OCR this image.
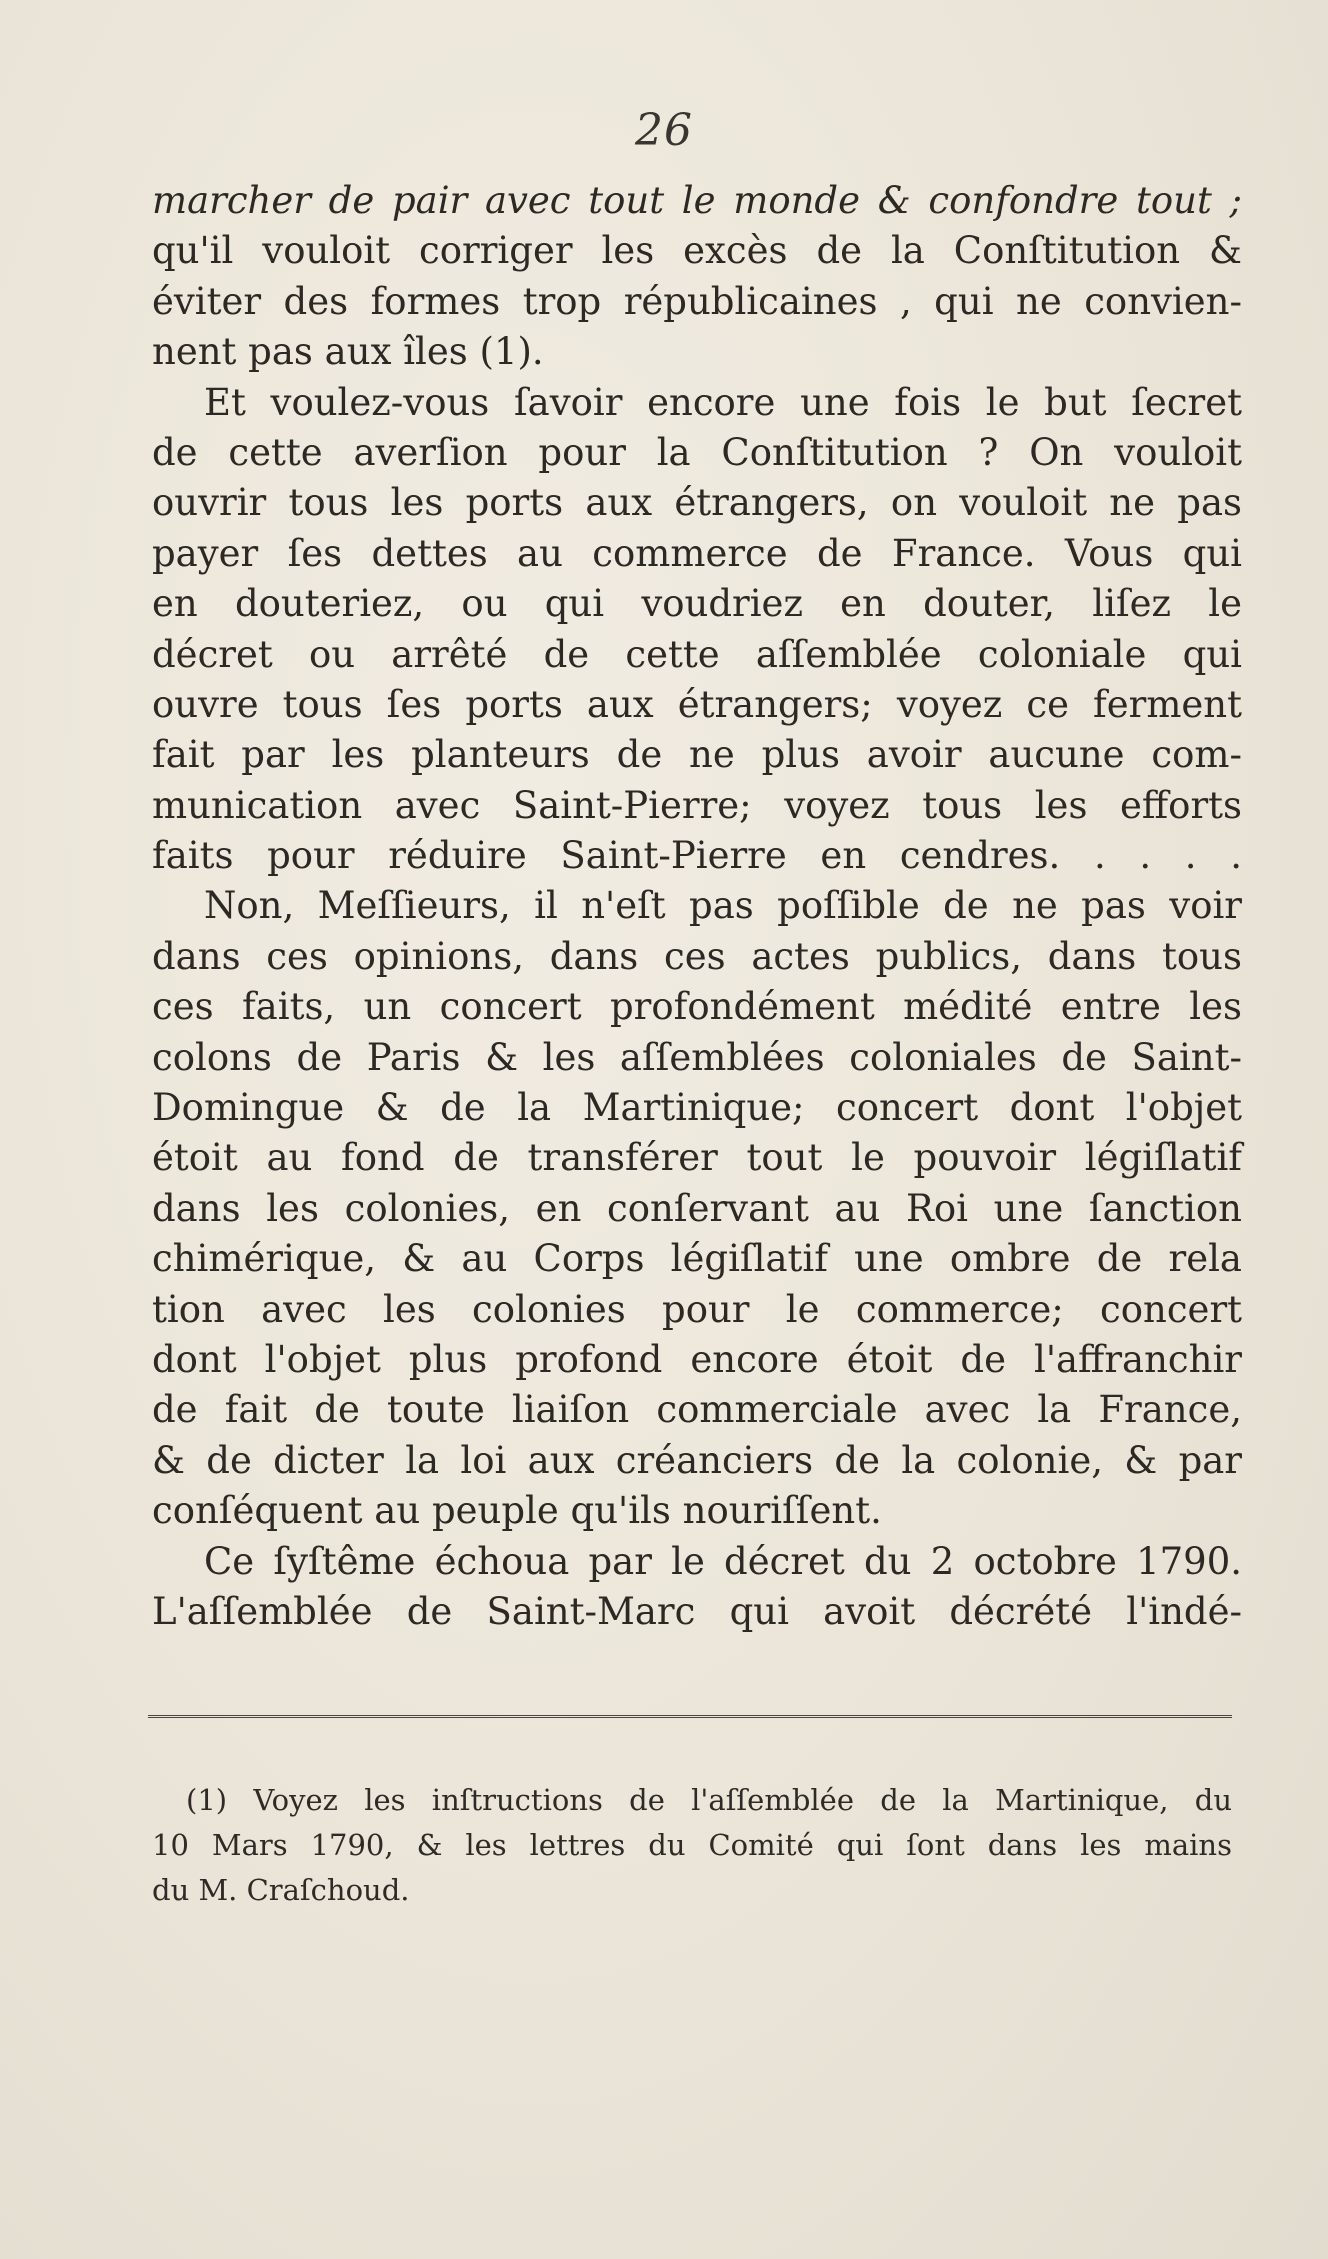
26
marcher de pair avec tout le monde & confondre tout ;
qu'il vouloit corriger les excès de la Conſtitution &
éviter des formes trop républicaines , qui ne convien-
nent pas aux îles (1).
Et voulez-vous ſavoir encore une fois le but ſecret
de cette averſion pour la Conſtitution ? On vouloit
ouvrir tous les ports aux étrangers, on vouloit ne pas
payer ſes dettes au commerce de France. Vous qui
en douteriez, ou qui voudriez en douter, liſez le
décret ou arrêté de cette aſſemblée coloniale qui
ouvre tous ſes ports aux étrangers; voyez ce ferment
fait par les planteurs de ne plus avoir aucune com-
munication avec Saint-Pierre; voyez tous les efforts
faits pour réduire Saint-Pierre en cendres. . . . .
Non, Meſſieurs, il n'eſt pas poſſible de ne pas voir
dans ces opinions, dans ces actes publics, dans tous
ces faits, un concert profondément médité entre les
colons de Paris & les aſſemblées coloniales de Saint-
Domingue & de la Martinique; concert dont l'objet
étoit au fond de transférer tout le pouvoir légiſlatif
dans les colonies, en conſervant au Roi une ſanction
chimérique, & au Corps légiſlatif une ombre de rela
tion avec les colonies pour le commerce; concert
dont l'objet plus profond encore étoit de l'affranchir
de fait de toute liaiſon commerciale avec la France,
& de dicter la loi aux créanciers de la colonie, & par
conſéquent au peuple qu'ils nouriſſent.
Ce ſyſtême échoua par le décret du 2 octobre 1790.
L'aſſemblée de Saint-Marc qui avoit décrété l'indé-
(1) Voyez les inſtructions de l'aſſemblée de la Martinique, du
10 Mars 1790, & les lettres du Comité qui ſont dans les mains
du M. Craſchoud.
